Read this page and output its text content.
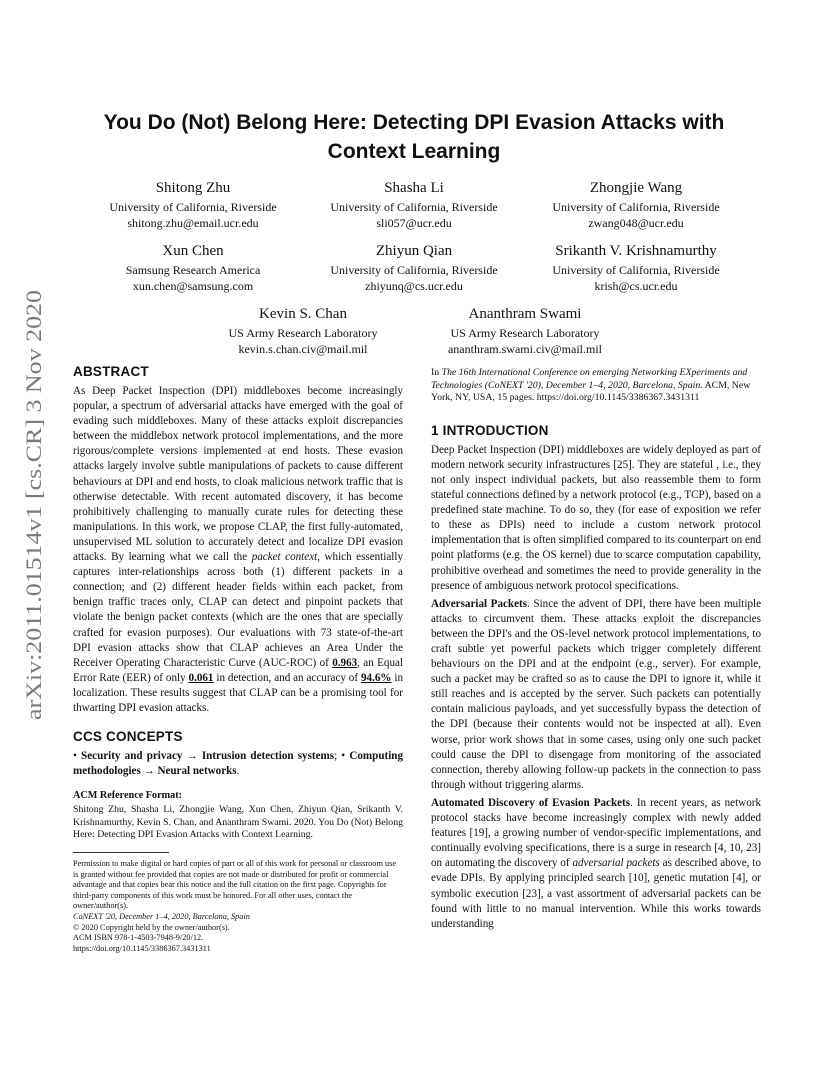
arXiv:2011.01514v1 [cs.CR] 3 Nov 2020
You Do (Not) Belong Here: Detecting DPI Evasion Attacks with
Context Learning
Shitong Zhu
University of California, Riverside
shitong.zhu@email.ucr.edu
Shasha Li
University of California, Riverside
sli057@ucr.edu
Zhongjie Wang
University of California, Riverside
zwang048@ucr.edu
Xun Chen
Samsung Research America
xun.chen@samsung.com
Zhiyun Qian
University of California, Riverside
zhiyunq@cs.ucr.edu
Srikanth V. Krishnamurthy
University of California, Riverside
krish@cs.ucr.edu
Kevin S. Chan
US Army Research Laboratory
kevin.s.chan.civ@mail.mil
Ananthram Swami
US Army Research Laboratory
ananthram.swami.civ@mail.mil
ABSTRACT

As Deep Packet Inspection (DPI) middleboxes become increasingly popular, a spectrum of adversarial attacks have emerged with the goal of evading such middleboxes. Many of these attacks exploit discrepancies between the middlebox network protocol implementations, and the more rigorous/complete versions implemented at end hosts. These evasion attacks largely involve subtle manipulations of packets to cause different behaviours at DPI and end hosts, to cloak malicious network traffic that is otherwise detectable. With recent automated discovery, it has become prohibitively challenging to manually curate rules for detecting these manipulations. In this work, we propose CLAP, the first fully-automated, unsupervised ML solution to accurately detect and localize DPI evasion attacks. By learning what we call the packet context, which essentially captures inter-relationships across both (1) different packets in a connection; and (2) different header fields within each packet, from benign traffic traces only, CLAP can detect and pinpoint packets that violate the benign packet contexts (which are the ones that are specially crafted for evasion purposes). Our evaluations with 73 state-of-the-art DPI evasion attacks show that CLAP achieves an Area Under the Receiver Operating Characteristic Curve (AUC-ROC) of 0.963, an Equal Error Rate (EER) of only 0.061 in detection, and an accuracy of 94.6% in localization. These results suggest that CLAP can be a promising tool for thwarting DPI evasion attacks.

CCS CONCEPTS

• Security and privacy → Intrusion detection systems; • Computing methodologies → Neural networks.

ACM Reference Format:

Shitong Zhu, Shasha Li, Zhongjie Wang, Xun Chen, Zhiyun Qian, Srikanth V. Krishnamurthy, Kevin S. Chan, and Ananthram Swami. 2020. You Do (Not) Belong Here: Detecting DPI Evasion Attacks with Context Learning.

Permission to make digital or hard copies of part or all of this work for personal or classroom use is granted without fee provided that copies are not made or distributed for profit or commercial advantage and that copies bear this notice and the full citation on the first page. Copyrights for third-party components of this work must be honored. For all other uses, contact the owner/author(s).
CoNEXT '20, December 1–4, 2020, Barcelona, Spain
© 2020 Copyright held by the owner/author(s).
ACM ISBN 978-1-4503-7948-9/20/12.
https://doi.org/10.1145/3386367.3431311

In The 16th International Conference on emerging Networking EXperiments and Technologies (CoNEXT '20), December 1–4, 2020, Barcelona, Spain. ACM, New York, NY, USA, 15 pages. https://doi.org/10.1145/3386367.3431311

1 INTRODUCTION

Deep Packet Inspection (DPI) middleboxes are widely deployed as part of modern network security infrastructures [25]. They are stateful , i.e., they not only inspect individual packets, but also reassemble them to form stateful connections defined by a network protocol (e.g., TCP), based on a predefined state machine. To do so, they (for ease of exposition we refer to these as DPIs) need to include a custom network protocol implementation that is often simplified compared to its counterpart on end point platforms (e.g. the OS kernel) due to scarce computation capability, prohibitive overhead and sometimes the need to provide generality in the presence of ambiguous network protocol specifications.

Adversarial Packets. Since the advent of DPI, there have been multiple attacks to circumvent them. These attacks exploit the discrepancies between the DPI's and the OS-level network protocol implementations, to craft subtle yet powerful packets which trigger completely different behaviours on the DPI and at the endpoint (e.g., server). For example, such a packet may be crafted so as to cause the DPI to ignore it, while it still reaches and is accepted by the server. Such packets can potentially contain malicious payloads, and yet successfully bypass the detection of the DPI (because their contents would not be inspected at all). Even worse, prior work shows that in some cases, using only one such packet could cause the DPI to disengage from monitoring of the associated connection, thereby allowing follow-up packets in the connection to pass through without triggering alarms.

Automated Discovery of Evasion Packets. In recent years, as network protocol stacks have become increasingly complex with newly added features [19], a growing number of vendor-specific implementations, and continually evolving specifications, there is a surge in research [4, 10, 23] on automating the discovery of adversarial packets as described above, to evade DPIs. By applying principled search [10], genetic mutation [4], or symbolic execution [23], a vast assortment of adversarial packets can be found with little to no manual intervention. While this works towards understanding
